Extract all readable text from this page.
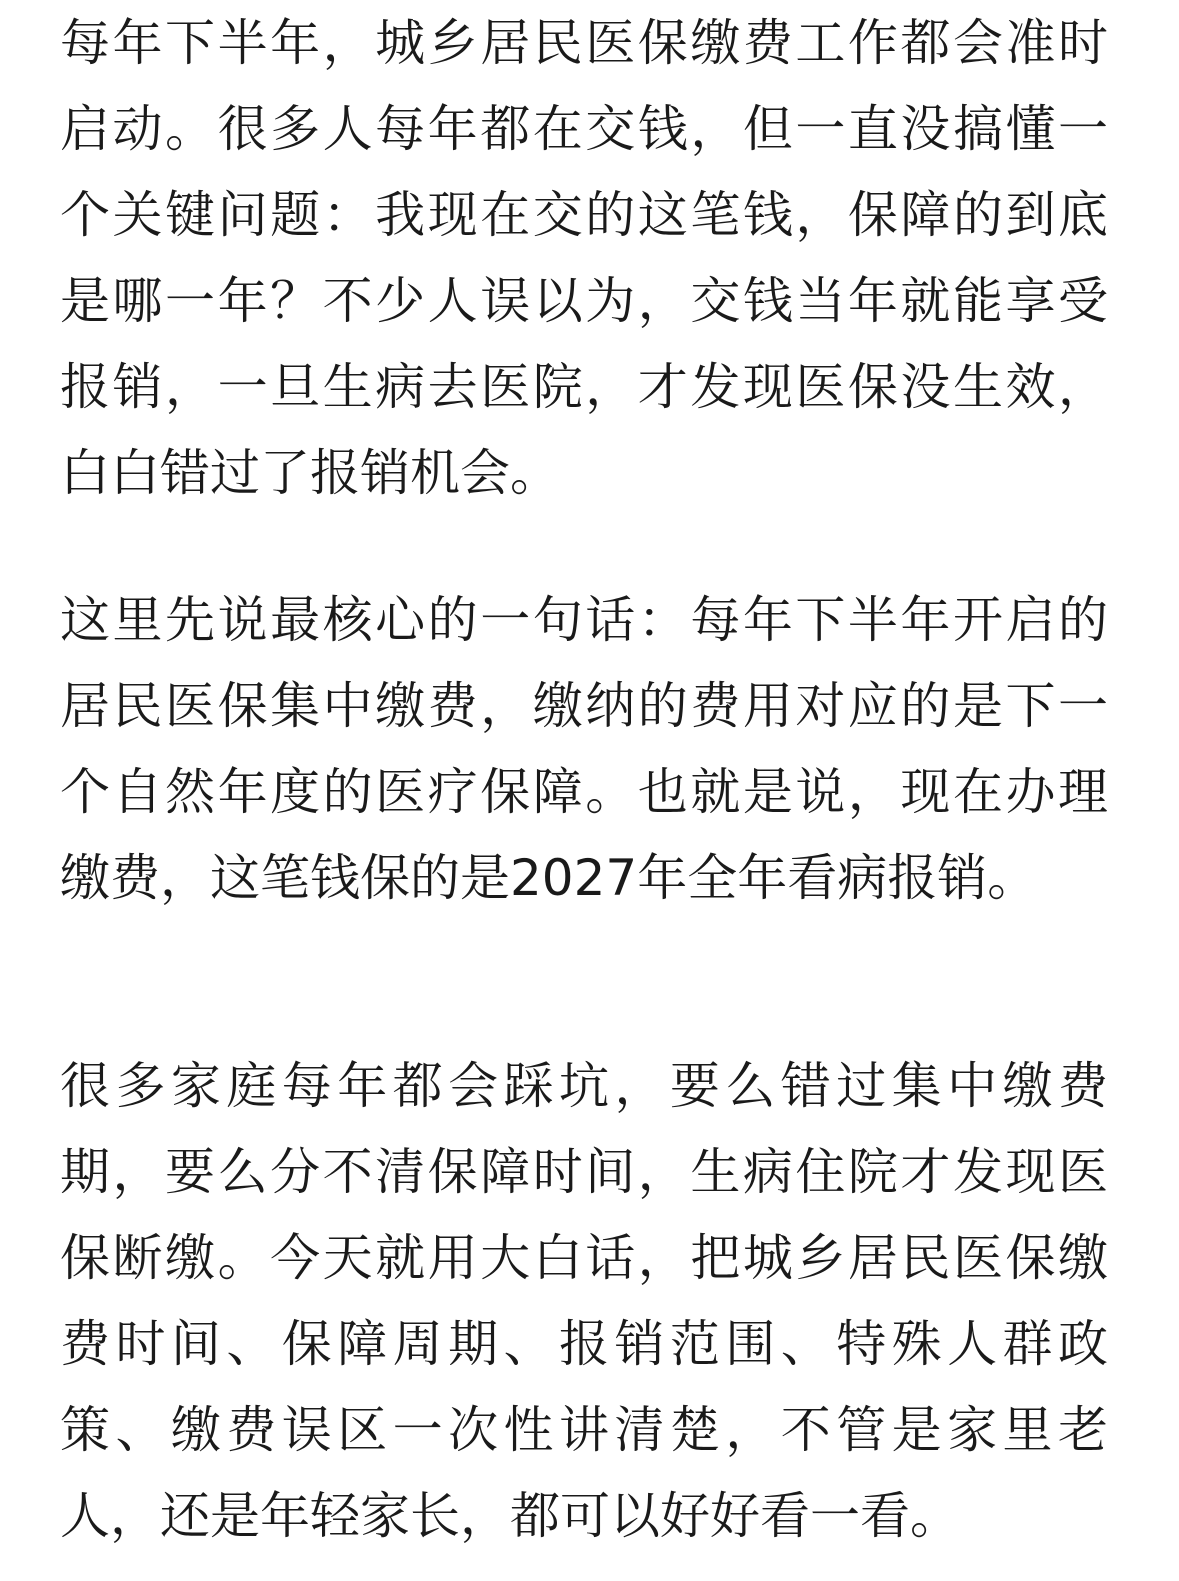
每年下半年，城乡居民医保缴费工作都会准时
启动。很多人每年都在交钱，但一直没搞懂一
个关键问题：我现在交的这笔钱，保障的到底
是哪一年？不少人误以为，交钱当年就能享受
报销，一旦生病去医院，才发现医保没生效，
白白错过了报销机会。
这里先说最核心的一句话：每年下半年开启的
居民医保集中缴费，缴纳的费用对应的是下一
个自然年度的医疗保障。也就是说，现在办理
缴费，这笔钱保的是2027年全年看病报销。
很多家庭每年都会踩坑，要么错过集中缴费
期，要么分不清保障时间，生病住院才发现医
保断缴。今天就用大白话，把城乡居民医保缴
费时间、保障周期、报销范围、特殊人群政
策、缴费误区一次性讲清楚，不管是家里老
人，还是年轻家长，都可以好好看一看。
